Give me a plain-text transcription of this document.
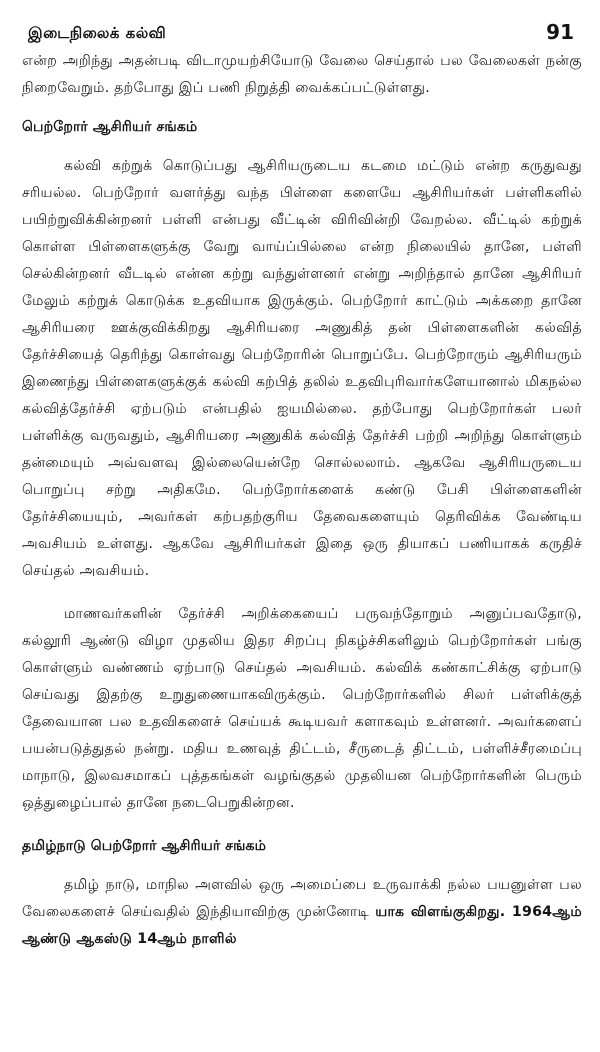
இடைநிலைக் கல்வி	91

என்ற அறிந்து அதன்படி விடாமுயற்சியோடு வேலை செய்தால் பல வேலைகள் நன்கு நிறைவேறும். தற்போது இப் பணி நிறுத்தி வைக்கப்பட்டுள்ளது.

பெற்றோர் ஆசிரியர் சங்கம்

கல்வி கற்றுக் கொடுப்பது ஆசிரியருடைய கடமை மட்டும் என்ற கருதுவது சரியல்ல. பெற்றோர் வளர்த்து வந்த பிள்ளை களையே ஆசிரியர்கள் பள்ளிகளில் பயிற்றுவிக்கின்றனர் பள்ளி என்பது வீட்டின் விரிவின்றி வேறல்ல. வீட்டில் கற்றுக் கொள்ள பிள்ளைகளுக்கு வேறு வாய்ப்பில்லை என்ற நிலையில் தானே, பள்ளி செல்கின்றனர் வீடடில் என்ன கற்று வந்துள்ளனர் என்று அறிந்தால் தானே ஆசிரியர் மேலும் கற்றுக் கொடுக்க உதவியாக இருக்கும். பெற்றோர் காட்டும் அக்கறை தானே ஆசிரியரை ஊக்குவிக்கிறது ஆசிரியரை அணுகித் தன் பிள்ளைகளின் கல்வித் தேர்ச்சியைத் தெரிந்து கொள்வது பெற்றோரின் பொறுப்பே. பெற்றோரும் ஆசிரியரும் இணைந்து பிள்ளைகளுக்குக் கல்வி கற்பித் தலில் உதவிபுரிவார்களேயானால் மிகநல்ல கல்வித்தேர்ச்சி ஏற்படும் என்பதில் ஐயமில்லை. தற்போது பெற்றோர்கள் பலர் பள்ளிக்கு வருவதும், ஆசிரியரை அணுகிக் கல்வித் தேர்ச்சி பற்றி அறிந்து கொள்ளும் தன்மையும் அவ்வளவு இல்லையென்றே சொல்லலாம். ஆகவே ஆசிரியருடைய பொறுப்பு சற்று அதிகமே. பெற்றோர்களைக் கண்டு பேசி பிள்ளைகளின் தேர்ச்சியையும், அவர்கள் கற்பதற்குரிய தேவைகளையும் தெரிவிக்க வேண்டிய அவசியம் உள்ளது. ஆகவே ஆசிரியர்கள் இதை ஒரு தியாகப் பணியாகக் கருதிச் செய்தல் அவசியம்.

மாணவர்களின் தேர்ச்சி அறிக்கையைப் பருவந்தோறும் அனுப்பவதோடு, கல்லூரி ஆண்டு விழா முதலிய இதர சிறப்பு நிகழ்ச்சிகளிலும் பெற்றோர்கள் பங்கு கொள்ளும் வண்ணம் ஏற்பாடு செய்தல் அவசியம். கல்விக் கண்காட்சிக்கு ஏற்பாடு செய்வது இதற்கு உறுதுணையாகவிருக்கும். பெற்றோர்களில் சிலர் பள்ளிக்குத் தேவையான பல உதவிகளைச் செய்யக் கூடியவர் களாகவும் உள்ளனர். அவர்களைப் பயன்படுத்துதல் நன்று. மதிய உணவுத் திட்டம், சீருடைத் திட்டம், பள்ளிச்சீரமைப்பு மாநாடு, இலவசமாகப் புத்தகங்கள் வழங்குதல் முதலியன பெற்றோர்களின் பெரும் ஒத்துழைப்பால் தானே நடைபெறுகின்றன.

தமிழ்நாடு பெற்றோர் ஆசிரியர் சங்கம்

தமிழ் நாடு, மாநில அளவில் ஒரு அமைப்பை உருவாக்கி நல்ல பயனுள்ள பல வேலைகளைச் செய்வதில் இந்தியாவிற்கு முன்னோடி யாக விளங்குகிறது. 1964ஆம் ஆண்டு ஆகஸ்டு 14ஆம் நாளில்
